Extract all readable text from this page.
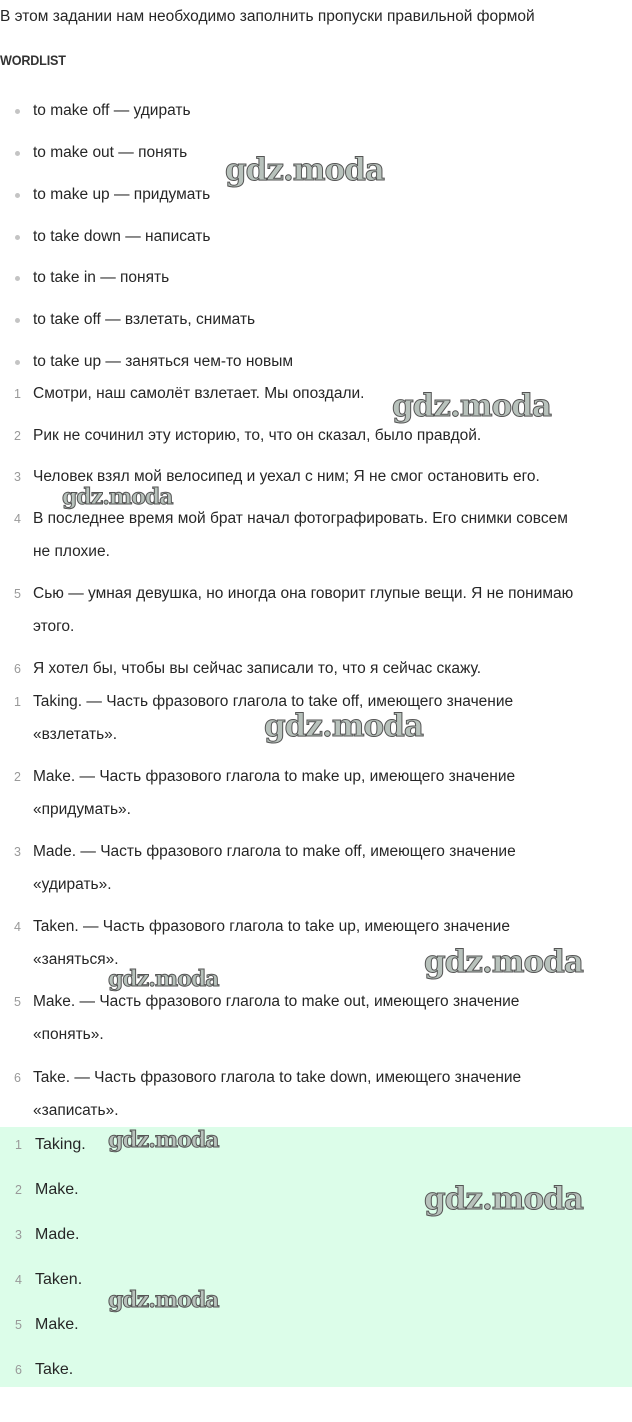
В этом задании нам необходимо заполнить пропуски правильной формой
WORDLIST
to make off — удирать
to make out — понять
to make up — придумать
to take down — написать
to take in — понять
to take off — взлетать, снимать
to take up — заняться чем-то новым
1 Смотри, наш самолёт взлетает. Мы опоздали.
2 Рик не сочинил эту историю, то, что он сказал, было правдой.
3 Человек взял мой велосипед и уехал с ним; Я не смог остановить его.
4 В последнее время мой брат начал фотографировать. Его снимки совсем
не плохие.
5 Сью — умная девушка, но иногда она говорит глупые вещи. Я не понимаю
этого.
6 Я хотел бы, чтобы вы сейчас записали то, что я сейчас скажу.
1 Taking. — Часть фразового глагола to take off, имеющего значение
«взлетать».
2 Make. — Часть фразового глагола to make up, имеющего значение
«придумать».
3 Made. — Часть фразового глагола to make off, имеющего значение
«удирать».
4 Taken. — Часть фразового глагола to take up, имеющего значение
«заняться».
5 Make. — Часть фразового глагола to make out, имеющего значение
«понять».
6 Take. — Часть фразового глагола to take down, имеющего значение
«записать».
1 Taking.
2 Make.
3 Made.
4 Taken.
5 Make.
6 Take.
gdz.moda
gdz.moda
gdz.moda
gdz.moda
gdz.moda
gdz.moda
gdz.moda
gdz.moda
gdz.moda
